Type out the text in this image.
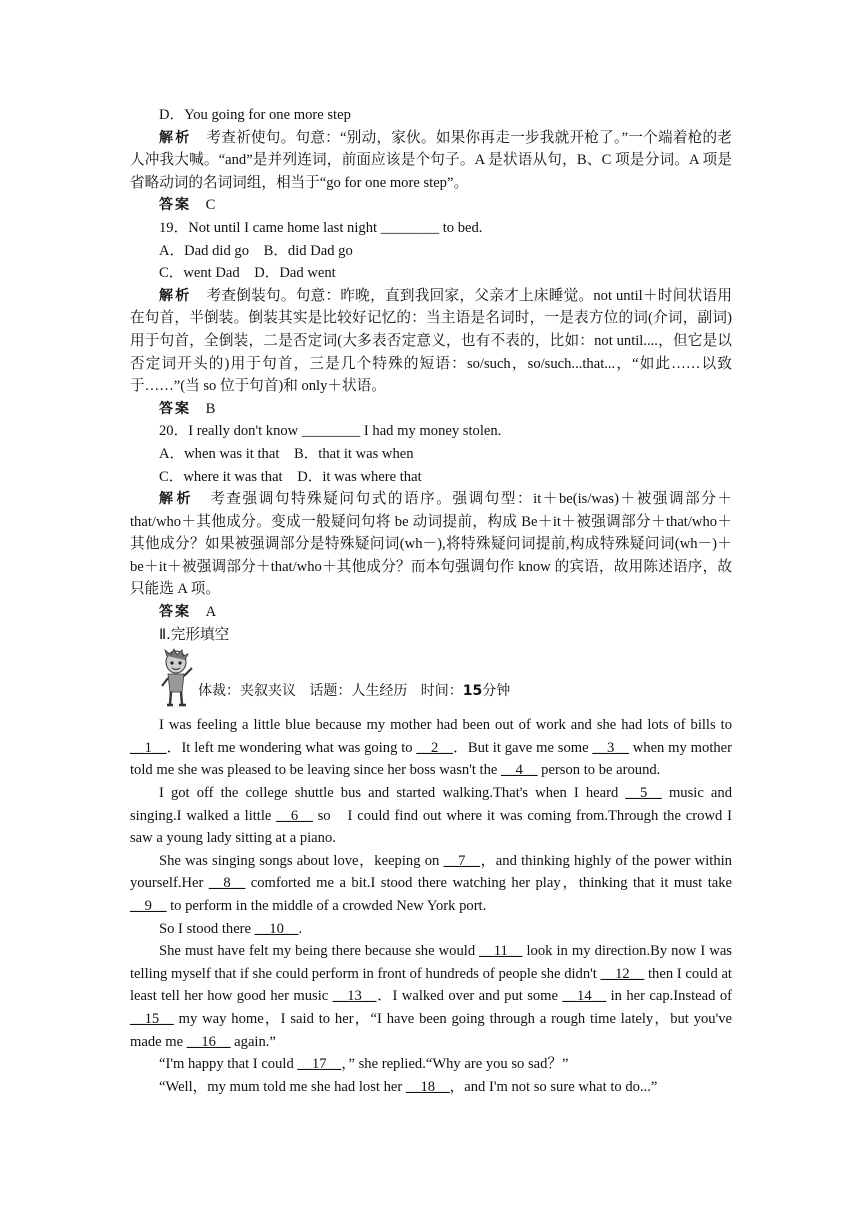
D．You going for one more step

解析　 考查祈使句。句意：“别动，家伙。如果你再走一步我就开枪了。”一个端着枪的老人冲我大喊。“and”是并列连词，前面应该是个句子。A 是状语从句，B、C 项是分词。A 项是省略动词的名词词组，相当于“go for one more step”。

答案　 C

19．Not until I came home last night ________ to bed.

A．Dad did go　B．did Dad go

C．went Dad　D．Dad went

解析　 考查倒装句。句意：昨晚，直到我回家，父亲才上床睡觉。not until＋时间状语用在句首，半倒装。倒装其实是比较好记忆的：当主语是名词时，一是表方位的词(介词，副词)用于句首，全倒装，二是否定词(大多表否定意义，也有不表的，比如：not until....，但它是以否定词开头的)用于句首，三是几个特殊的短语：so/such，so/such...that...，“如此……以致于……”(当 so 位于句首)和 only＋状语。

答案　 B

20．I really don't know ________ I had my money stolen.

A．when was it that　B．that it was when

C．where it was that　D．it was where that

解析　 考查强调句特殊疑问句式的语序。强调句型：it＋be(is/was)＋被强调部分＋that/who＋其他成分。变成一般疑问句将 be 动词提前，构成 Be＋it＋被强调部分＋that/who＋其他成分？如果被强调部分是特殊疑问词(wh－),将特殊疑问词提前,构成特殊疑问词(wh－)＋ be＋it＋被强调部分＋that/who＋其他成分？而本句强调句作 know 的宾语，故用陈述语序，故只能选 A 项。

答案　 A

Ⅱ.完形填空

体裁：夹叙夹议 话题：人生经历 时间：15分钟

I was feeling a little blue because my mother had been out of work and she had lots of bills to __1__．It left me wondering what was going to __2__．But it gave me some __3__ when my mother told me she was pleased to be leaving since her boss wasn't the __4__ person to be around.

I got off the college shuttle bus and started walking.That's when I heard __5__ music and singing.I walked a little __6__ so　I could find out where it was coming from.Through the crowd I saw a young lady sitting at a piano.

She was singing songs about love，keeping on __7__，and thinking highly of the power within yourself.Her __8__ comforted me a bit.I stood there watching her play，thinking that it must take __9__ to perform in the middle of a crowded New York port.

So I stood there __10__.

She must have felt my being there because she would __11__ look in my direction.By now I was telling myself that if she could perform in front of hundreds of people she didn't __12__ then I could at least tell her how good her music __13__．I walked over and put some __14__ in her cap.Instead of __15__ my way home，I said to her，“I have been going through a rough time lately，but you've made me __16__ again.”

“I'm happy that I could __17__，” she replied.“Why are you so sad？”

“Well，my mum told me she had lost her __18__，and I'm not so sure what to do...”
